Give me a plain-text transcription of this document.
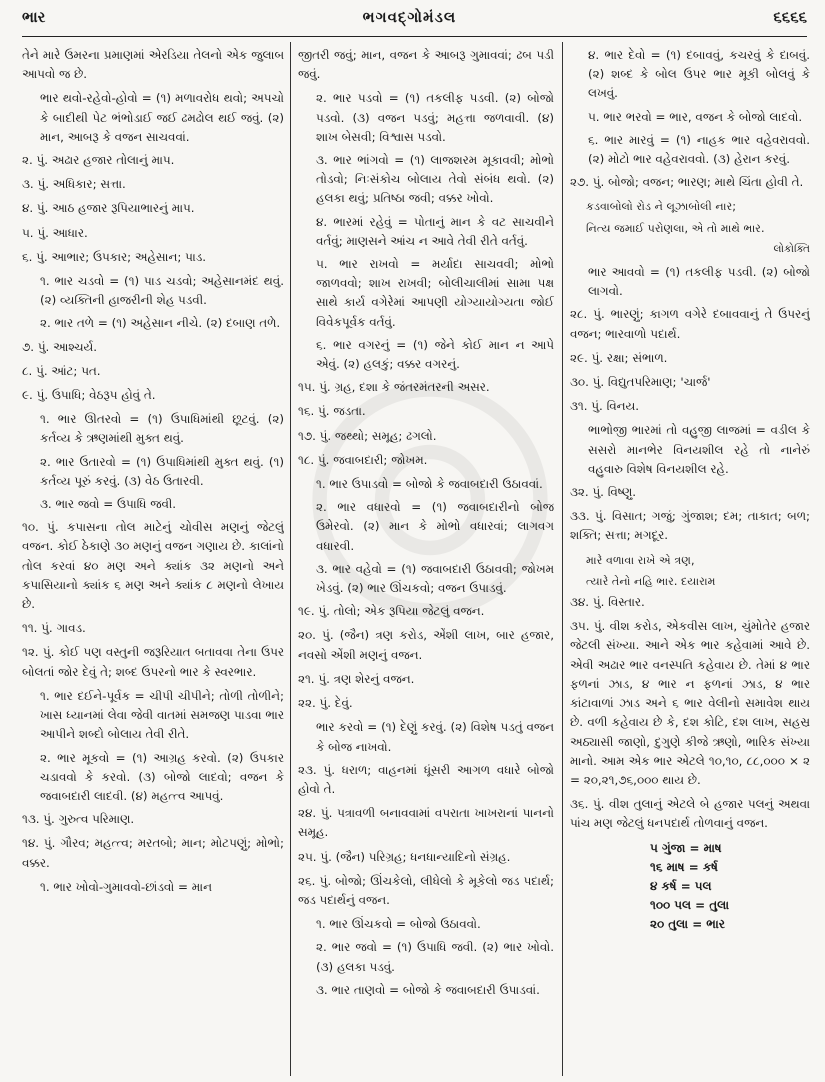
ભાર	ભગવદ્ગોમંડલ	૬૬૬૬

તેને મારે ઉમરના પ્રમાણમાં એરડિયા તેલનો એક જુલાબ આપવો જ છે.

ભાર થવો-રહેવો-હોવો = (૧) મળાવરોધ થવો; અપચો કે બાદીથી પેટ ભંભોડાઈ જઈ ઢમઢોલ થઈ જવું. (૨) માન, આબરૂ કે વજન સાચવવાં.

૨. પું. અઢાર હજાર તોલાનું માપ.

૩. પું. અધિકાર; સત્તા.

૪. પું. આઠ હજાર રૂપિયાભારનું માપ.

૫. પું. આધાર.

૬. પું. આભાર; ઉપકાર; અહેસાન; પાડ.

૧. ભાર ચડવો = (૧) પાડ ચડવો; અહેસાનમંદ થવું. (૨) વ્યક્તિની હાજરીની શેહ પડવી.

૨. ભાર તળે = (૧) અહેસાન નીચે. (૨) દબાણ તળે.

૭. પું. આશ્ચર્ય.

૮. પું. આંટ; પત.

૯. પું. ઉપાધિ; વેઠરૂપ હોવું તે.

૧. ભાર ઊતરવો = (૧) ઉપાધિમાંથી છૂટવું. (૨) કર્તવ્ય કે ઋણમાંથી મુક્ત થવું.

૨. ભાર ઉતારવો = (૧) ઉપાધિમાંથી મુક્ત થવું. (૧) કર્તવ્ય પૂરું કરવું. (૩) વેઠ ઉતારવી.

૩. ભાર જવો = ઉપાધિ જવી.

૧૦. પું. કપાસના તોલ માટેનું ચોવીસ મણનું જેટલું વજન. કોઈ ઠેકાણે ૩૦ મણનું વજન ગણાય છે. કાલાંનો તોલ કરવાં ૪૦ મણ અને ક્યાંક ૩૨ મણનો અને કપાસિયાનો ક્યાંક ૬ મણ અને ક્યાંક ૮ મણનો લેખાય છે.

૧૧. પું. ગાવડ.

૧૨. પું. કોઈ પણ વસ્તુની જરૂરિયાત બતાવવા તેના ઉપર બોલતાં જોર દેવું તે; શબ્દ ઉપરનો ભાર કે સ્વરભાર.

૧. ભાર દઈને-પૂર્વક = ચીપી ચીપીને; તોળી તોળીને; ખાસ ધ્યાનમાં લેવા જેવી વાતમાં સમજણ પાડવા ભાર આપીને શબ્દો બોલાય તેવી રીતે.

૨. ભાર મૂકવો = (૧) આગ્રહ કરવો. (૨) ઉપકાર ચડાવવો કે કરવો. (૩) બોજો લાદવો; વજન કે જવાબદારી લાદવી. (૪) મહત્ત્વ આપવું.

૧૩. પું. ગુરુત્વ પરિમાણ.

૧૪. પું. ગૌરવ; મહત્ત્વ; મરતબો; માન; મોટપણું; મોભો; વક્કર.

૧. ભાર ખોવો-ગુમાવવો-છાંડવો = માન

જીતરી જવું; માન, વજન કે આબરૂ ગુમાવવાં; ઢબ પડી જવું.

૨. ભાર પડવો = (૧) તકલીફ પડવી. (૨) બોજો પડવો. (૩) વજન પડવું; મહત્તા જળવાવી. (૪) શાખ બેસવી; વિશ્વાસ પડવો.

૩. ભાર ભાંગવો = (૧) લાજશરમ મૂકાવવી; મોભો તોડવો; નિઃસંકોચ બોલાય તેવો સંબંધ થવો. (૨) હલકા થવું; પ્રતિષ્ઠા જવી; વક્કર ખોવો.

૪. ભારમાં રહેવું = પોતાનું માન કે વટ સાચવીને વર્તવું; માણસને આંચ ન આવે તેવી રીતે વર્તવું.

૫. ભાર રાખવો = મર્યાદા સાચવવી; મોભો જાળવવો; શાખ રાખવી; બોલીચાલીમાં સામા પક્ષ સાથે કાર્ય વગેરેમાં આપણી યોગ્યાયોગ્યતા જોઈ વિવેકપૂર્વક વર્તવું.

૬. ભાર વગરનું = (૧) જેને કોઈ માન ન આપે એવું. (૨) હલકું; વક્કર વગરનું.

૧૫. પું. ગ્રહ, દશા કે જંતરમંતરની અસર.

૧૬. પું. જડતા.

૧૭. પું. જથ્થો; સમૂહ; ઢગલો.

૧૮. પું. જવાબદારી; જોખમ.

૧. ભાર ઉપાડવો = બોજો કે જવાબદારી ઉઠાવવાં.

૨. ભાર વધારવો = (૧) જવાબદારીનો બોજ ઉમેરવો. (૨) માન કે મોભો વધારવાં; લાગવગ વધારવી.

૩. ભાર વહેવો = (૧) જવાબદારી ઉઠાવવી; જોખમ ખેડવું. (૨) ભાર ઊંચકવો; વજન ઉપાડવું.

૧૯. પું. તોલો; એક રૂપિયા જેટલું વજન.

૨૦. પું. (જૈન) ત્રણ કરોડ, એંશી લાખ, બાર હજાર, નવસો એંશી મણનું વજન.

૨૧. પું. ત્રણ શેરનું વજન.

૨૨. પું. દેવું.

ભાર કરવો = (૧) દેણું કરવું. (૨) વિશેષ પડતું વજન કે બોજ નાખવો.

૨૩. પું. ધરાળ; વાહનમાં ધૂંસરી આગળ વધારે બોજો હોવો તે.

૨૪. પું. પત્રાવળી બનાવવામાં વપરાતા ખાખરાનાં પાનનો સમૂહ.

૨૫. પું. (જૈન) પરિગ્રહ; ધનધાન્યાદિનો સંગ્રહ.

૨૬. પું. બોજો; ઊંચકેલો, લીધેલો કે મૂકેલો જડ પદાર્થ; જડ પદાર્થનું વજન.

૧. ભાર ઊંચકવો = બોજો ઉઠાવવો.

૨. ભાર જવો = (૧) ઉપાધિ જવી. (૨) ભાર ખોવો. (૩) હલકા પડવું.

૩. ભાર તાણવો = બોજો કે જવાબદારી ઉપાડવાં.

૪. ભાર દેવો = (૧) દબાવવું, કચરવું કે દાબવું. (૨) શબ્દ કે બોલ ઉપર ભાર મૂકી બોલવું કે લખવું.

૫. ભાર ભરવો = ભાર, વજન કે બોજો લાદવો.

૬. ભાર મારવું = (૧) નાહક ભાર વહેવરાવવો. (૨) મોટો ભાર વહેવરાવવો. (૩) હેરાન કરવું.

૨૭. પું. બોજો; વજન; ભારણ; માથે ચિંતા હોવી તે.

કડવાબોલો રોડ ને લૂઝાબોલી નાર;

નિત્ય જમાઈ પરોણલા, એ તો માથે ભાર.

લોકોક્તિ

ભાર આવવો = (૧) તકલીફ પડવી. (૨) બોજો લાગવો.

૨૮. પું. ભારણું; કાગળ વગેરે દબાવવાનું તે ઉપરનું વજન; ભારવાળો પદાર્થ.

૨૯. પું. રક્ષા; સંભાળ.

૩૦. પું. વિદ્યુતપરિમાણ; 'ચાર્જ'

૩૧. પું. વિનય.

ભાભોજી ભારમાં તો વહુજી લાજમાં = વડીલ કે સસરો માનભેર વિનયશીલ રહે તો નાનેરું વહુવારુ વિશેષ વિનયશીલ રહે.

૩૨. પું. વિષ્ણુ.

૩૩. પું. વિસાત; ગજું; ગુંજાશ; દમ; તાકાત; બળ; શક્તિ; સત્તા; મગદૂર.

મારે વળાવા રાખે એ ત્રણ,

ત્યારે તેનો નહિ ભાર. દયારામ

૩૪. પું. વિસ્તાર.

૩૫. પું. વીશ કરોડ, એકવીસ લાખ, ચુંમોતેર હજાર જેટલી સંખ્યા. આને એક ભાર કહેવામાં આવે છે. એવી અઢાર ભાર વનસ્પતિ કહેવાય છે. તેમાં ૪ ભાર ફળનાં ઝાડ, ૪ ભાર ન ફળનાં ઝાડ, ૪ ભાર કાંટાવાળાં ઝાડ અને ૬ ભાર વેલીનો સમાવેશ થાય છે. વળી કહેવાય છે કે, દશ કોટિ, દશ લાખ, સહસ્ર અઠ્યાસી જાણો, દુગુણે કીજે ઋણો, ભારિક સંખ્યા માનો. આમ એક ભાર એટલે ૧૦,૧૦, ૮૮,૦૦૦ × ૨ = ૨૦,૨૧,૭૬,૦૦૦ થાય છે.

૩૬. પું. વીશ તુલાનું એટલે બે હજાર પલનું અથવા પાંચ મણ જેટલું ધનપદાર્થ તોળવાનું વજન.

૫ ગુંજા = માષ

૧૬ માષ = કર્ષ

૪ કર્ષ = પલ

૧૦૦ પલ = તુલા

૨૦ તુલા = ભાર
